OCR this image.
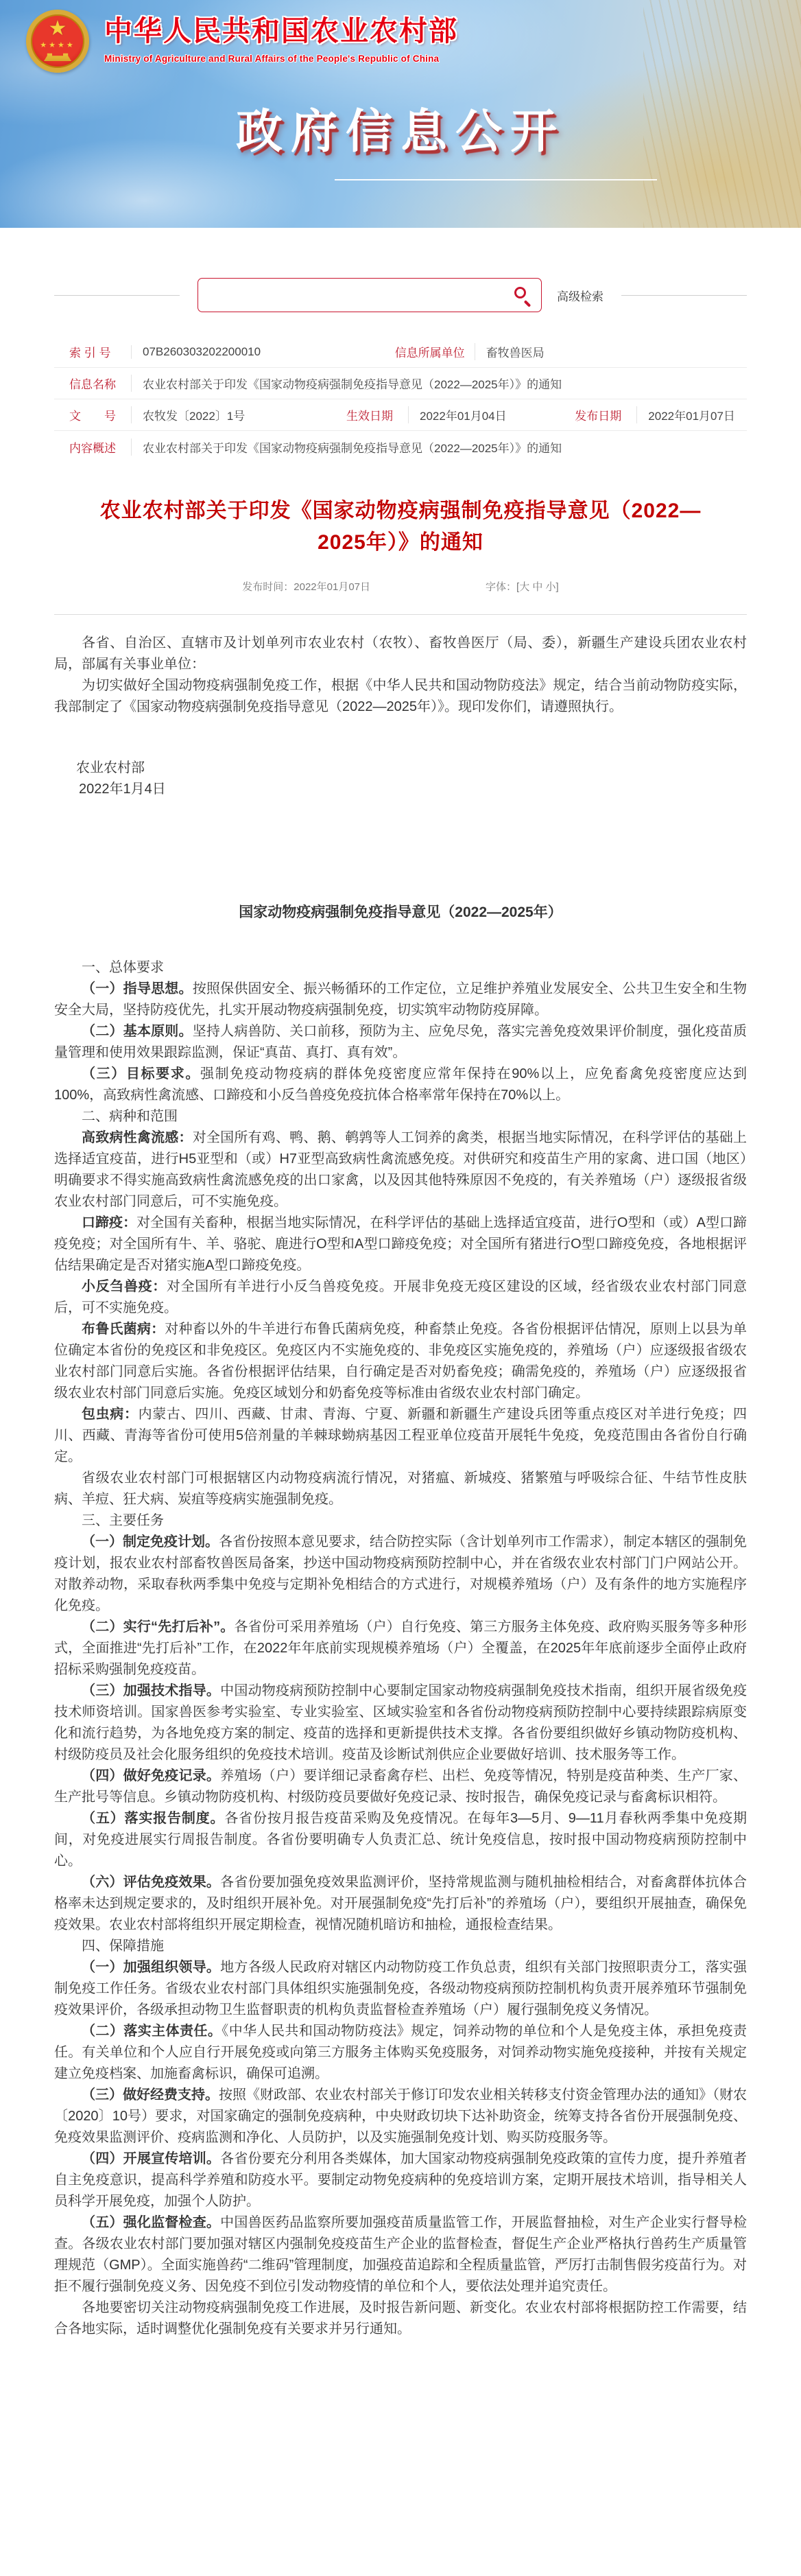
★
★★★★ 中华人民共和国农业农村部
Ministry of Agriculture and Rural Affairs of the People's Republic of China
政府信息公开
高级检索
索 引 号	07B260303202200010	信息所属单位	畜牧兽医局
信息名称	农业农村部关于印发《国家动物疫病强制免疫指导意见（2022—2025年）》的通知
文　　号	农牧发〔2022〕1号	生效日期	2022年01月04日	发布日期	2022年01月07日
内容概述	农业农村部关于印发《国家动物疫病强制免疫指导意见（2022—2025年）》的通知
农业农村部关于印发《国家动物疫病强制免疫指导意见（2022—2025年）》的通知
发布时间：2022年01月07日	字体：[大 中 小]

各省、自治区、直辖市及计划单列市农业农村（农牧）、畜牧兽医厅（局、委），新疆生产建设兵团农业农村局，部属有关事业单位：

为切实做好全国动物疫病强制免疫工作，根据《中华人民共和国动物防疫法》规定，结合当前动物防疫实际，我部制定了《国家动物疫病强制免疫指导意见（2022—2025年）》。现印发你们，请遵照执行。

农业农村部

2022年1月4日

国家动物疫病强制免疫指导意见（2022—2025年）

一、总体要求

（一）指导思想。按照保供固安全、振兴畅循环的工作定位，立足维护养殖业发展安全、公共卫生安全和生物安全大局，坚持防疫优先，扎实开展动物疫病强制免疫，切实筑牢动物防疫屏障。

（二）基本原则。坚持人病兽防、关口前移，预防为主、应免尽免，落实完善免疫效果评价制度，强化疫苗质量管理和使用效果跟踪监测，保证“真苗、真打、真有效”。

（三）目标要求。强制免疫动物疫病的群体免疫密度应常年保持在90%以上，应免畜禽免疫密度应达到100%，高致病性禽流感、口蹄疫和小反刍兽疫免疫抗体合格率常年保持在70%以上。

二、病种和范围

高致病性禽流感：对全国所有鸡、鸭、鹅、鹌鹑等人工饲养的禽类，根据当地实际情况，在科学评估的基础上选择适宜疫苗，进行H5亚型和（或）H7亚型高致病性禽流感免疫。对供研究和疫苗生产用的家禽、进口国（地区）明确要求不得实施高致病性禽流感免疫的出口家禽，以及因其他特殊原因不免疫的，有关养殖场（户）逐级报省级农业农村部门同意后，可不实施免疫。

口蹄疫：对全国有关畜种，根据当地实际情况，在科学评估的基础上选择适宜疫苗，进行O型和（或）A型口蹄疫免疫；对全国所有牛、羊、骆驼、鹿进行O型和A型口蹄疫免疫；对全国所有猪进行O型口蹄疫免疫，各地根据评估结果确定是否对猪实施A型口蹄疫免疫。

小反刍兽疫：对全国所有羊进行小反刍兽疫免疫。开展非免疫无疫区建设的区域，经省级农业农村部门同意后，可不实施免疫。

布鲁氏菌病：对种畜以外的牛羊进行布鲁氏菌病免疫，种畜禁止免疫。各省份根据评估情况，原则上以县为单位确定本省份的免疫区和非免疫区。免疫区内不实施免疫的、非免疫区实施免疫的，养殖场（户）应逐级报省级农业农村部门同意后实施。各省份根据评估结果，自行确定是否对奶畜免疫；确需免疫的，养殖场（户）应逐级报省级农业农村部门同意后实施。免疫区域划分和奶畜免疫等标准由省级农业农村部门确定。

包虫病：内蒙古、四川、西藏、甘肃、青海、宁夏、新疆和新疆生产建设兵团等重点疫区对羊进行免疫；四川、西藏、青海等省份可使用5倍剂量的羊棘球蚴病基因工程亚单位疫苗开展牦牛免疫，免疫范围由各省份自行确定。

省级农业农村部门可根据辖区内动物疫病流行情况，对猪瘟、新城疫、猪繁殖与呼吸综合征、牛结节性皮肤病、羊痘、狂犬病、炭疽等疫病实施强制免疫。

三、主要任务

（一）制定免疫计划。各省份按照本意见要求，结合防控实际（含计划单列市工作需求），制定本辖区的强制免疫计划，报农业农村部畜牧兽医局备案，抄送中国动物疫病预防控制中心，并在省级农业农村部门门户网站公开。对散养动物，采取春秋两季集中免疫与定期补免相结合的方式进行，对规模养殖场（户）及有条件的地方实施程序化免疫。

（二）实行“先打后补”。各省份可采用养殖场（户）自行免疫、第三方服务主体免疫、政府购买服务等多种形式，全面推进“先打后补”工作，在2022年年底前实现规模养殖场（户）全覆盖，在2025年年底前逐步全面停止政府招标采购强制免疫疫苗。

（三）加强技术指导。中国动物疫病预防控制中心要制定国家动物疫病强制免疫技术指南，组织开展省级免疫技术师资培训。国家兽医参考实验室、专业实验室、区域实验室和各省份动物疫病预防控制中心要持续跟踪病原变化和流行趋势，为各地免疫方案的制定、疫苗的选择和更新提供技术支撑。各省份要组织做好乡镇动物防疫机构、村级防疫员及社会化服务组织的免疫技术培训。疫苗及诊断试剂供应企业要做好培训、技术服务等工作。

（四）做好免疫记录。养殖场（户）要详细记录畜禽存栏、出栏、免疫等情况，特别是疫苗种类、生产厂家、生产批号等信息。乡镇动物防疫机构、村级防疫员要做好免疫记录、按时报告，确保免疫记录与畜禽标识相符。

（五）落实报告制度。各省份按月报告疫苗采购及免疫情况。在每年3—5月、9—11月春秋两季集中免疫期间，对免疫进展实行周报告制度。各省份要明确专人负责汇总、统计免疫信息，按时报中国动物疫病预防控制中心。

（六）评估免疫效果。各省份要加强免疫效果监测评价，坚持常规监测与随机抽检相结合，对畜禽群体抗体合格率未达到规定要求的，及时组织开展补免。对开展强制免疫“先打后补”的养殖场（户），要组织开展抽查，确保免疫效果。农业农村部将组织开展定期检查，视情况随机暗访和抽检，通报检查结果。

四、保障措施

（一）加强组织领导。地方各级人民政府对辖区内动物防疫工作负总责，组织有关部门按照职责分工，落实强制免疫工作任务。省级农业农村部门具体组织实施强制免疫，各级动物疫病预防控制机构负责开展养殖环节强制免疫效果评价，各级承担动物卫生监督职责的机构负责监督检查养殖场（户）履行强制免疫义务情况。

（二）落实主体责任。《中华人民共和国动物防疫法》规定，饲养动物的单位和个人是免疫主体，承担免疫责任。有关单位和个人应自行开展免疫或向第三方服务主体购买免疫服务，对饲养动物实施免疫接种，并按有关规定建立免疫档案、加施畜禽标识，确保可追溯。

（三）做好经费支持。按照《财政部、农业农村部关于修订印发农业相关转移支付资金管理办法的通知》（财农〔2020〕10号）要求，对国家确定的强制免疫病种，中央财政切块下达补助资金，统筹支持各省份开展强制免疫、免疫效果监测评价、疫病监测和净化、人员防护，以及实施强制免疫计划、购买防疫服务等。

（四）开展宣传培训。各省份要充分利用各类媒体，加大国家动物疫病强制免疫政策的宣传力度，提升养殖者自主免疫意识，提高科学养殖和防疫水平。要制定动物免疫病种的免疫培训方案，定期开展技术培训，指导相关人员科学开展免疫，加强个人防护。

（五）强化监督检查。中国兽医药品监察所要加强疫苗质量监管工作，开展监督抽检，对生产企业实行督导检查。各级农业农村部门要加强对辖区内强制免疫疫苗生产企业的监督检查，督促生产企业严格执行兽药生产质量管理规范（GMP）。全面实施兽药“二维码”管理制度，加强疫苗追踪和全程质量监管，严厉打击制售假劣疫苗行为。对拒不履行强制免疫义务、因免疫不到位引发动物疫情的单位和个人，要依法处理并追究责任。

各地要密切关注动物疫病强制免疫工作进展，及时报告新问题、新变化。农业农村部将根据防控工作需要，结合各地实际，适时调整优化强制免疫有关要求并另行通知。
